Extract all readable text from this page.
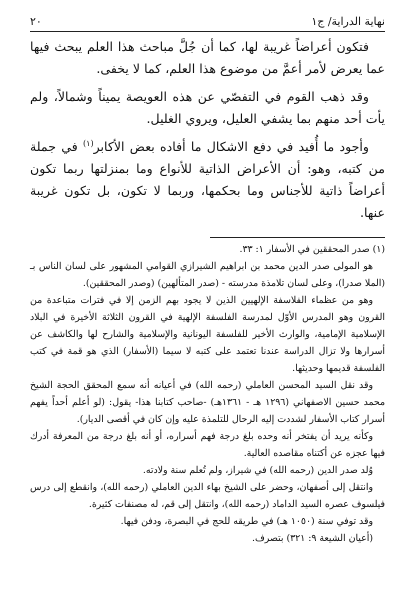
نهاية الدراية/ ج١
٢٠

فتكون أعراضاً غريبة لها، كما أن جُلَّ مباحث هذا العلم يبحث فيها عما يعرض لأمر أعمَّ من موضوع هذا العلم، كما لا يخفى.

وقد ذهب القوم في التفصّي عن هذه العويصة يميناً وشمالاً، ولم يأت أحد منهم بما يشفي العليل، ويروي الغليل.

وأجود ما أُفيد في دفع الاشكال ما أفاده بعض الأكابر$^{(١)}$ في جملة من كتبه، وهو: أن الأعراض الذاتية للأنواع وما بمنزلتها ربما تكون أعراضاً ذاتية للأجناس وما بحكمها، وربما لا تكون، بل تكون غريبة عنها.

(١) صدر المحققين في الأسفار ١: ٣٣.

هو المولى صدر الدين محمد بن ابراهيم الشيرازي القوامي المشهور على لسان الناس بـ (الملا صدرا)، وعلى لسان تلامذة مدرسته - (صدر المتألهين) (وصدر المحققين).

وهو من عظماء الفلاسفة الإلهيين الذين لا يجود بهم الزمن إلا في فترات متباعدة من القرون وهو المدرس الأوّل لمدرسة الفلسفة الإلهية في القرون الثلاثة الأخيرة في البلاد الإسلامية الإمامية، والوارث الأخير للفلسفة اليونانية والإسلامية والشارح لها والكاشف عن أسرارها ولا تزال الدراسة عندنا تعتمد على كتبه لا سيما (الأسفار) الذي هو قمة في كتب الفلسفة قديمها وحديثها.

وقد نقل السيد المحسن العاملي (رحمه الله) في أعيانه أنه سمع المحقق الحجة الشيخ محمد حسين الاصفهاني (١٢٩٦ هـ - ١٣٦١هـ) -صاحب كتابنا هذا- يقول: (لو أعلم أحداً يفهم أسرار كتاب الأسفار لشددت إليه الرحال للتلمذة عليه وإن كان في أقصى الديار).

وكأنه يريد أن يفتخر أنه وحده بلغ درجة فهم أسراره، أو أنه بلغ درجة من المعرفة أدرك فيها عجزه عن أكتناه مقاصده العالية.

وُلد صدر الدين (رحمه الله) في شيراز، ولم تُعلم سنة ولادته.

وانتقل إلى أصفهان، وحضر على الشيخ بهاء الدين العاملي (رحمه الله)، وانقطع إلى درس فيلسوف عصره السيد الداماد (رحمه الله)، وانتقل إلى قم، له مصنفات كثيرة.

وقد توفي سنة (١٠٥٠ هـ) في طريقه للحج في البصرة، ودفن فيها.

(أعيان الشيعة ٩: ٣٢١) بتصرف.
